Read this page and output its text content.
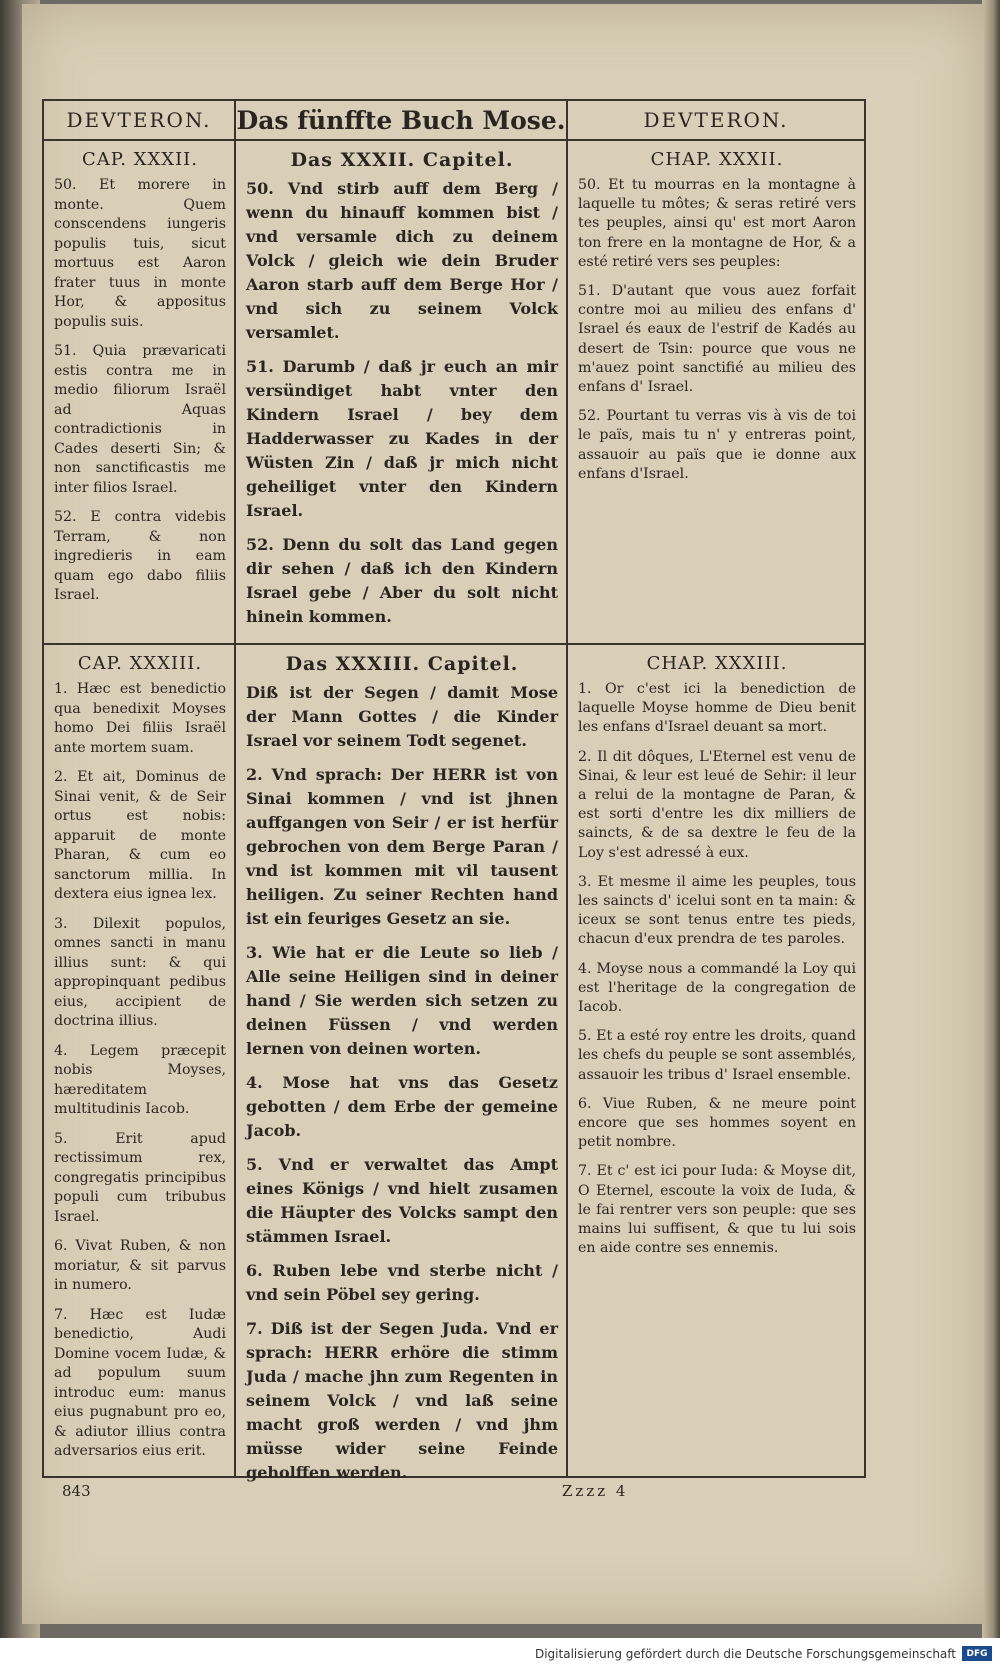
DEVTERON.
CAP. XXXII.

50. Et morere in monte. Quem conscendens iungeris populis tuis, sicut mortuus est Aaron frater tuus in monte Hor, & appositus populis suis.

51. Quia prævaricati estis contra me in medio filiorum Israël ad Aquas contradictionis in Cades deserti Sin; & non sanctificastis me inter filios Israel.

52. E contra videbis Terram, & non ingredieris in eam quam ego dabo filiis Israel.

CAP. XXXIII.

1. Hæc est benedictio qua benedixit Moyses homo Dei filiis Israël ante mortem suam.

2. Et ait, Dominus de Sinai venit, & de Seir ortus est nobis: apparuit de monte Pharan, & cum eo sanctorum millia. In dextera eius ignea lex.

3. Dilexit populos, omnes sancti in manu illius sunt: & qui appropinquant pedibus eius, accipient de doctrina illius.

4. Legem præcepit nobis Moyses, hæreditatem multitudinis Iacob.

5. Erit apud rectissimum rex, congregatis principibus populi cum tribubus Israel.

6. Vivat Ruben, & non moriatur, & sit parvus in numero.

7. Hæc est Iudæ benedictio, Audi Domine vocem Iudæ, & ad populum suum introduc eum: manus eius pugnabunt pro eo, & adiutor illius contra adversarios eius erit.

Das fünffte Buch Mose.
Das XXXII. Capitel.

50. Vnd stirb auff dem Berg / wenn du hinauff kommen bist / vnd versamle dich zu deinem Volck / gleich wie dein Bruder Aaron starb auff dem Berge Hor / vnd sich zu seinem Volck versamlet.

51. Darumb / daß jr euch an mir versündiget habt vnter den Kindern Israel / bey dem Hadderwasser zu Kades in der Wüsten Zin / daß jr mich nicht geheiliget vnter den Kindern Israel.

52. Denn du solt das Land gegen dir sehen / daß ich den Kindern Israel gebe / Aber du solt nicht hinein kommen.

Das XXXIII. Capitel.

Diß ist der Segen / damit Mose der Mann Gottes / die Kinder Israel vor seinem Todt segenet.

2. Vnd sprach: Der HERR ist von Sinai kommen / vnd ist jhnen auffgangen von Seir / er ist herfür gebrochen von dem Berge Paran / vnd ist kommen mit vil tausent heiligen. Zu seiner Rechten hand ist ein feuriges Gesetz an sie.

3. Wie hat er die Leute so lieb / Alle seine Heiligen sind in deiner hand / Sie werden sich setzen zu deinen Füssen / vnd werden lernen von deinen worten.

4. Mose hat vns das Gesetz gebotten / dem Erbe der gemeine Jacob.

5. Vnd er verwaltet das Ampt eines Königs / vnd hielt zusamen die Häupter des Volcks sampt den stämmen Israel.

6. Ruben lebe vnd sterbe nicht / vnd sein Pöbel sey gering.

7. Diß ist der Segen Juda. Vnd er sprach: HERR erhöre die stimm Juda / mache jhn zum Regenten in seinem Volck / vnd laß seine macht groß werden / vnd jhm müsse wider seine Feinde geholffen werden.

DEVTERON.
CHAP. XXXII.

50. Et tu mourras en la montagne à laquelle tu môtes; & seras retiré vers tes peuples, ainsi qu' est mort Aaron ton frere en la montagne de Hor, & a esté retiré vers ses peuples:

51. D'autant que vous auez forfait contre moi au milieu des enfans d' Israel és eaux de l'estrif de Kadés au desert de Tsin: pource que vous ne m'auez point sanctifié au milieu des enfans d' Israel.

52. Pourtant tu verras vis à vis de toi le païs, mais tu n' y entreras point, assauoir au païs que ie donne aux enfans d'Israel.

CHAP. XXXIII.

1. Or c'est ici la benediction de laquelle Moyse homme de Dieu benit les enfans d'Israel deuant sa mort.

2. Il dit dôques, L'Eternel est venu de Sinai, & leur est leué de Sehir: il leur a relui de la montagne de Paran, & est sorti d'entre les dix milliers de saincts, & de sa dextre le feu de la Loy s'est adressé à eux.

3. Et mesme il aime les peuples, tous les saincts d' icelui sont en ta main: & iceux se sont tenus entre tes pieds, chacun d'eux prendra de tes paroles.

4. Moyse nous a commandé la Loy qui est l'heritage de la congregation de Iacob.

5. Et a esté roy entre les droits, quand les chefs du peuple se sont assemblés, assauoir les tribus d' Israel ensemble.

6. Viue Ruben, & ne meure point encore que ses hommes soyent en petit nombre.

7. Et c' est ici pour Iuda: & Moyse dit, O Eternel, escoute la voix de Iuda, & le fai rentrer vers son peuple: que ses mains lui suffisent, & que tu lui sois en aide contre ses ennemis.

843	Zzzz 4
Digitalisierung gefördert durch die Deutsche Forschungsgemeinschaft	DFG
